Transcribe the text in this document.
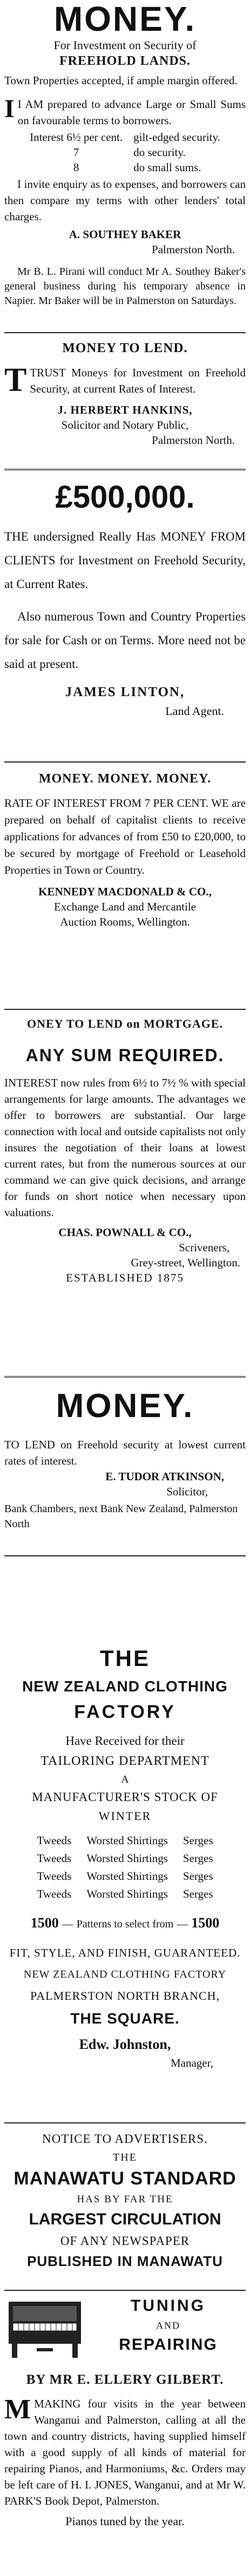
MONEY.

For Investment on Security of

FREEHOLD LANDS.

Town Properties accepted, if ample margin offered.

I I AM prepared to advance Large or Small Sums on favourable terms to borrowers.
Interest 6½ per cent.	gilt-edged security.
7	do security.
8	do small sums.

I invite enquiry as to expenses, and borrowers can then compare my terms with other lenders' total charges.

A. SOUTHEY BAKER

Palmerston North.

Mr B. L. Pirani will conduct Mr A. Southey Baker's general business during his temporary absence in Napier. Mr Baker will be in Palmerston on Saturdays.

MONEY TO LEND.

T TRUST Moneys for Investment on Freehold Security, at current Rates of Interest.

J. HERBERT HANKINS,

Solicitor and Notary Public,

Palmerston North.

£500,000.

THE undersigned Really Has MONEY FROM CLIENTS for Investment on Freehold Security, at Current Rates.

Also numerous Town and Country Properties for sale for Cash or on Terms. More need not be said at present.

JAMES LINTON,

Land Agent.

MONEY. MONEY. MONEY.

RATE OF INTEREST FROM 7 PER CENT. WE are prepared on behalf of capitalist clients to receive applications for advances of from £50 to £20,000, to be secured by mortgage of Freehold or Leasehold Properties in Town or Country.

KENNEDY MACDONALD & CO.,

Exchange Land and Mercantile

Auction Rooms, Wellington.

ONEY TO LEND on MORTGAGE.

ANY SUM REQUIRED.

INTEREST now rules from 6½ to 7½ % with special arrangements for large amounts. The advantages we offer to borrowers are substantial. Our large connection with local and outside capitalists not only insures the negotiation of their loans at lowest current rates, but from the numerous sources at our command we can give quick decisions, and arrange for funds on short notice when necessary upon valuations.

CHAS. POWNALL & CO.,

Scriveners,

Grey-street, Wellington.

ESTABLISHED 1875

MONEY.

TO LEND on Freehold security at lowest current rates of interest.

E. TUDOR ATKINSON,

Solicitor,

Bank Chambers, next Bank New Zealand, Palmerston North

THE

NEW ZEALAND CLOTHING

FACTORY

Have Received for their

TAILORING DEPARTMENT

A

MANUFACTURER'S STOCK OF

WINTER

Tweeds	Worsted Shirtings	Serges
Tweeds	Worsted Shirtings	Serges
Tweeds	Worsted Shirtings	Serges
Tweeds	Worsted Shirtings	Serges
1500 — Patterns to select from — 1500

FIT, STYLE, AND FINISH, GUARANTEED.

NEW ZEALAND CLOTHING FACTORY

PALMERSTON NORTH BRANCH,

THE SQUARE.

Edw. Johnston,

Manager,

NOTICE TO ADVERTISERS.

THE

MANAWATU STANDARD

HAS BY FAR THE

LARGEST CIRCULATION

OF ANY NEWSPAPER

PUBLISHED IN MANAWATU

TUNING

AND

REPAIRING

BY MR E. ELLERY GILBERT.

M MAKING four visits in the year between Wanganui and Palmerston, calling at all the town and country districts, having supplied himself with a good supply of all kinds of material for repairing Pianos, and Harmoniums, &c. Orders may be left care of H. I. JONES, Wanganui, and at Mr W. PARK'S Book Depot, Palmerston.

Pianos tuned by the year.
